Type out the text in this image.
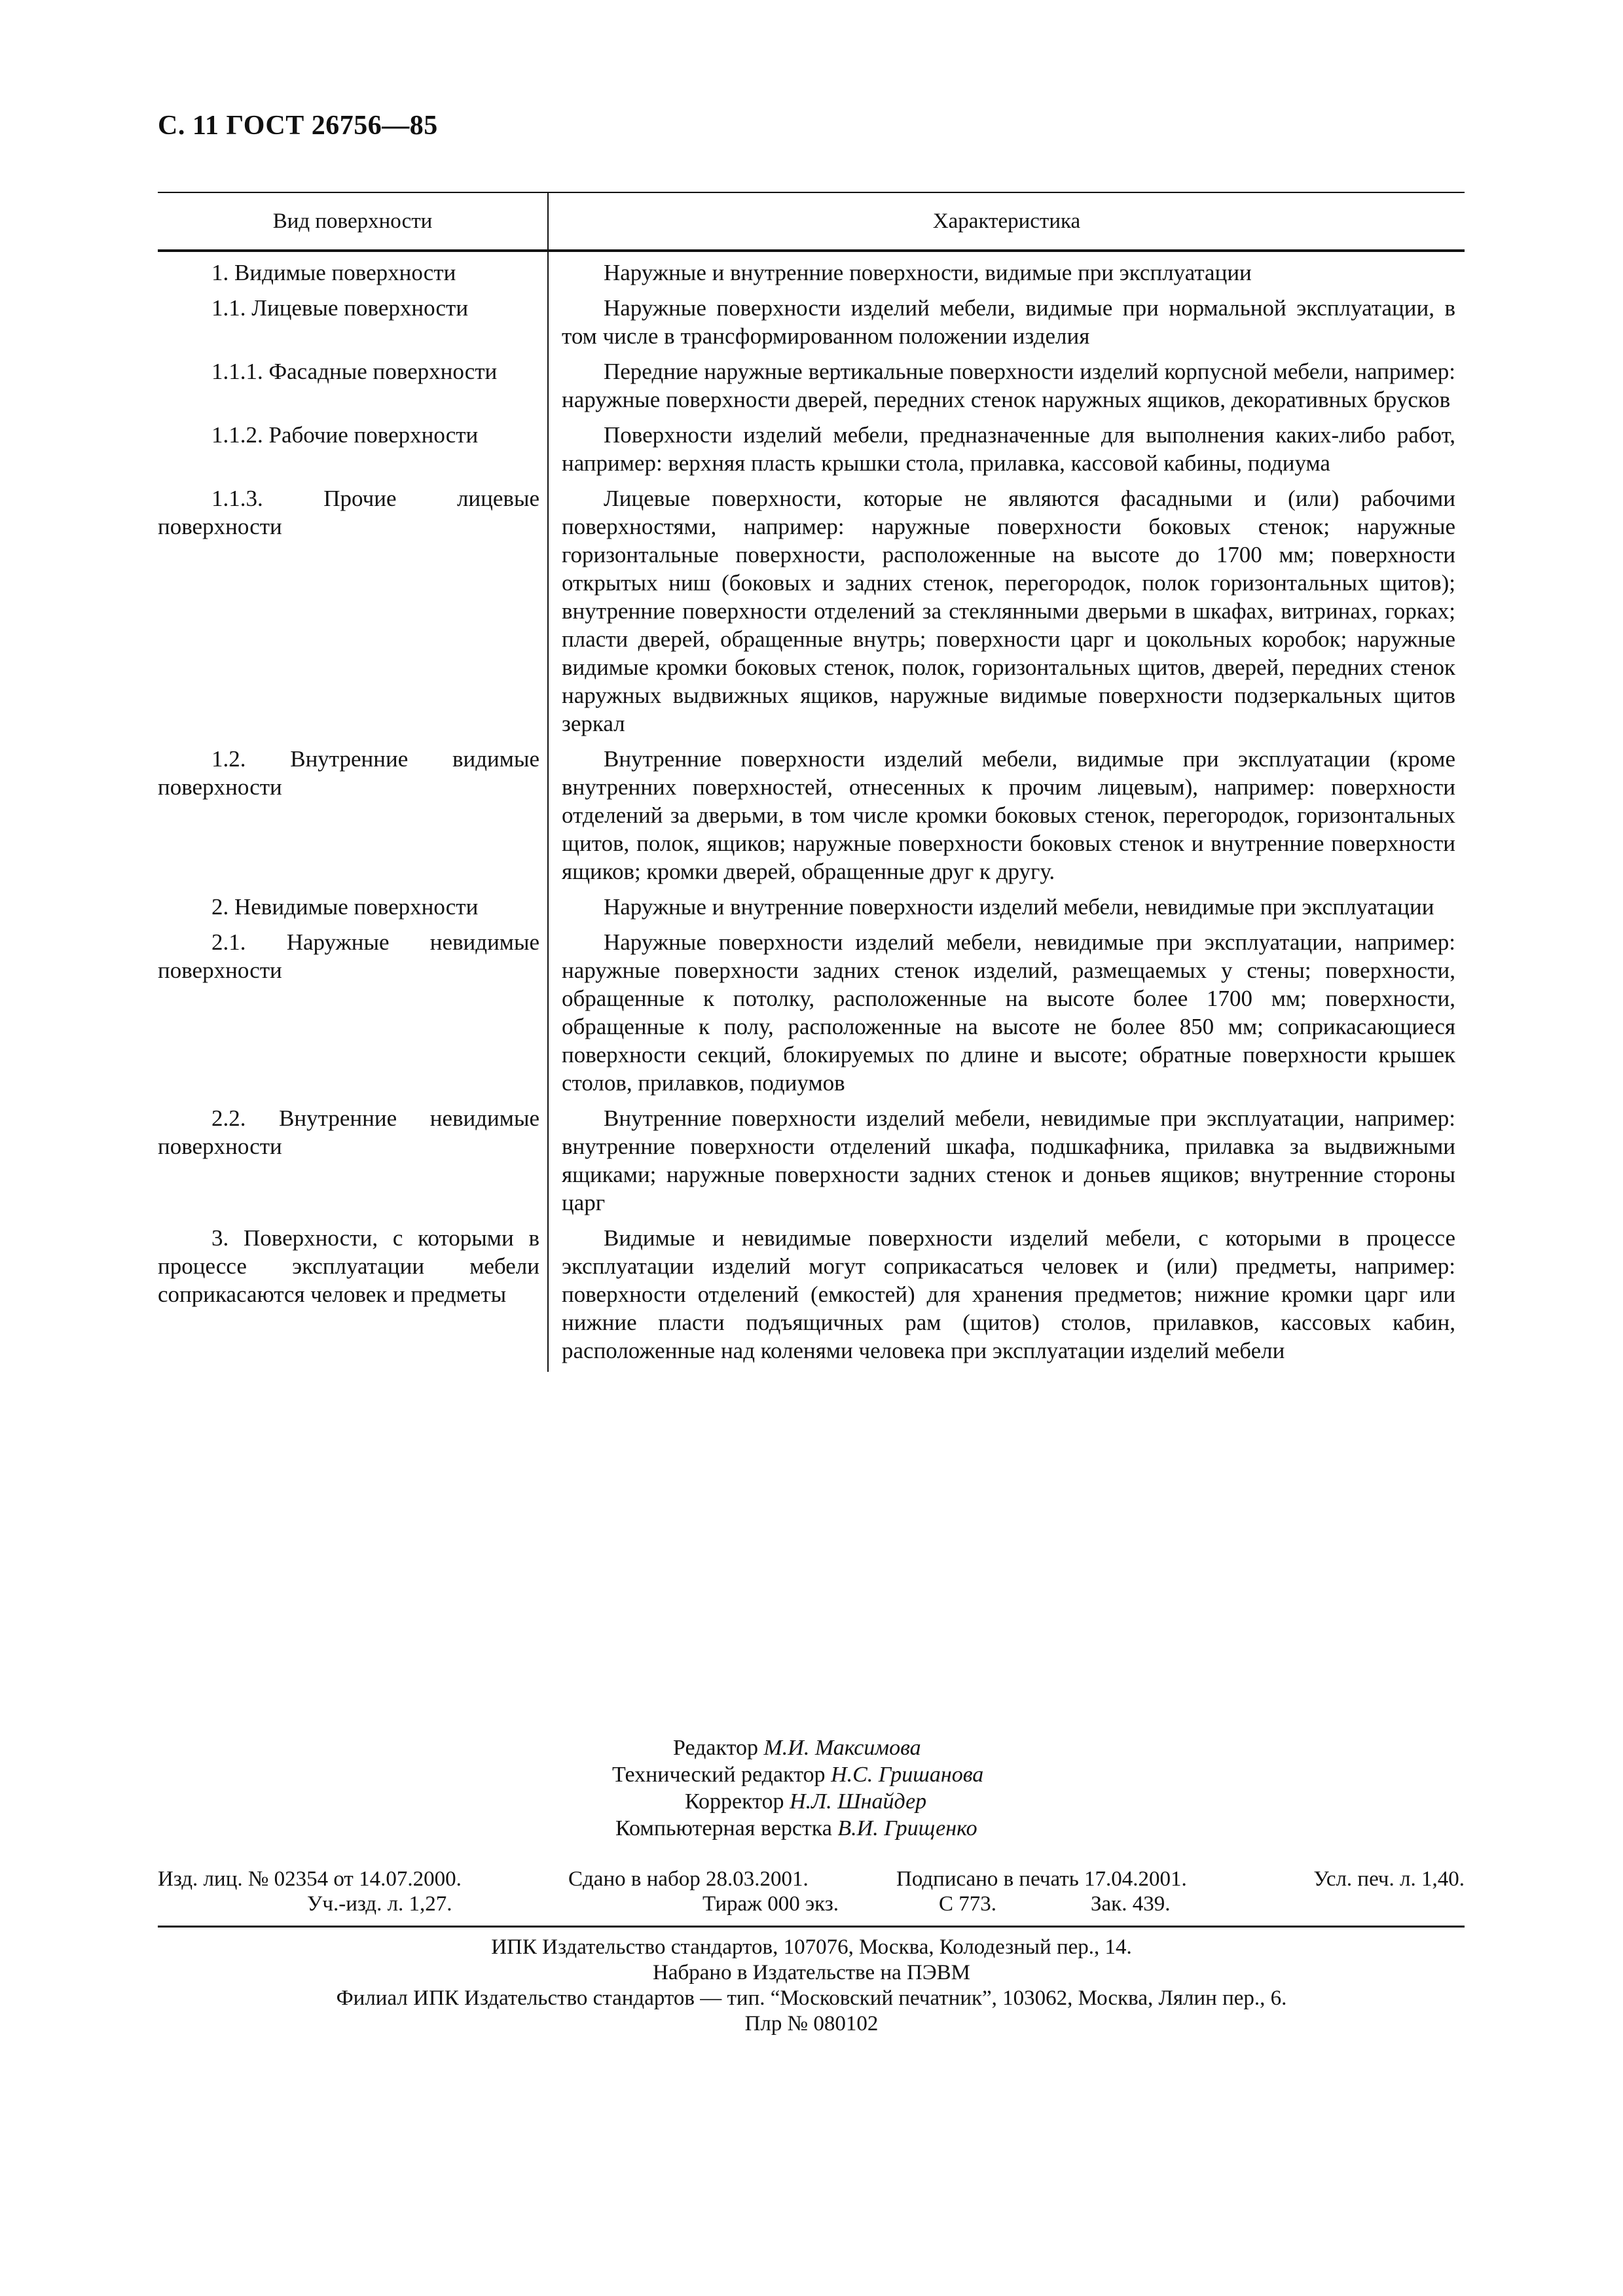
С. 11 ГОСТ 26756—85
Вид поверхности	Характеристика
1. Видимые поверхности	Наружные и внутренние поверхности, видимые при эксплуатации
1.1. Лицевые поверхности	Наружные поверхности изделий мебели, видимые при нормальной эксплуатации, в том числе в трансформированном положении изделия
1.1.1. Фасадные поверхности	Передние наружные вертикальные поверхности изделий корпусной мебели, например: наружные поверхности дверей, передних стенок наружных ящиков, декоративных брусков
1.1.2. Рабочие поверхности	Поверхности изделий мебели, предназначенные для выполнения каких-либо работ, например: верхняя пласть крышки стола, прилавка, кассовой кабины, подиума
1.1.3. Прочие лицевые поверхности	Лицевые поверхности, которые не являются фасадными и (или) рабочими поверхностями, например: наружные поверхности боковых стенок; наружные горизонтальные поверхности, расположенные на высоте до 1700 мм; поверхности открытых ниш (боковых и задних стенок, перегородок, полок горизонтальных щитов); внутренние поверхности отделений за стеклянными дверьми в шкафах, витринах, горках; пласти дверей, обращенные внутрь; поверхности царг и цокольных коробок; наружные видимые кромки боковых стенок, полок, горизонтальных щитов, дверей, передних стенок наружных выдвижных ящиков, наружные видимые поверхности подзеркальных щитов зеркал
1.2. Внутренние видимые поверхности	Внутренние поверхности изделий мебели, видимые при эксплуатации (кроме внутренних поверхностей, отнесенных к прочим лицевым), например: поверхности отделений за дверьми, в том числе кромки боковых стенок, перегородок, горизонтальных щитов, полок, ящиков; наружные поверхности боковых стенок и внутренние поверхности ящиков; кромки дверей, обращенные друг к другу.
2. Невидимые поверхности	Наружные и внутренние поверхности изделий мебели, невидимые при эксплуатации
2.1. Наружные невидимые поверхности	Наружные поверхности изделий мебели, невидимые при эксплуатации, например: наружные поверхности задних стенок изделий, размещаемых у стены; поверхности, обращенные к потолку, расположенные на высоте более 1700 мм; поверхности, обращенные к полу, расположенные на высоте не более 850 мм; соприкасающиеся поверхности секций, блокируемых по длине и высоте; обратные поверхности крышек столов, прилавков, подиумов
2.2. Внутренние невидимые поверхности	Внутренние поверхности изделий мебели, невидимые при эксплуатации, например: внутренние поверхности отделений шкафа, подшкафника, прилавка за выдвижными ящиками; наружные поверхности задних стенок и доньев ящиков; внутренние стороны царг
3. Поверхности, с которыми в процессе эксплуатации мебели соприкасаются человек и предметы	Видимые и невидимые поверхности изделий мебели, с которыми в процессе эксплуатации изделий могут соприкасаться человек и (или) предметы, например: поверхности отделений (емкостей) для хранения предметов; нижние кромки царг или нижние пласти подъящичных рам (щитов) столов, прилавков, кассовых кабин, расположенные над коленями человека при эксплуатации изделий мебели
Редактор М.И. Максимова
Технический редактор Н.С. Гришанова
Корректор Н.Л. Шнайдер
Компьютерная верстка В.И. Грищенко
Изд. лиц. № 02354 от 14.07.2000.	Сдано в набор 28.03.2001.	Подписано в печать 17.04.2001.	Усл. печ. л. 1,40.
Уч.-изд. л. 1,27.	Тираж 000 экз.	С 773.	Зак. 439.
ИПК Издательство стандартов, 107076, Москва, Колодезный пер., 14.
Набрано в Издательстве на ПЭВМ
Филиал ИПК Издательство стандартов — тип. “Московский печатник”, 103062, Москва, Лялин пер., 6.
Плр № 080102
